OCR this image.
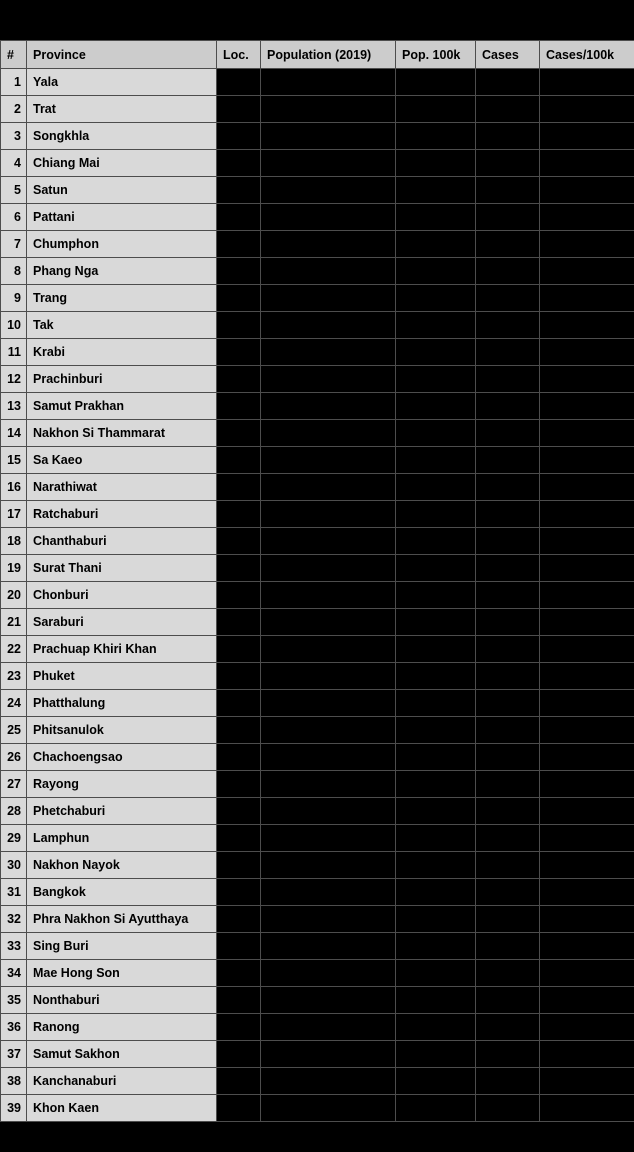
#	Province	Loc.	Population (2019)	Pop. 100k	Cases	Cases/100k
1	Yala					
2	Trat					
3	Songkhla					
4	Chiang Mai					
5	Satun					
6	Pattani					
7	Chumphon					
8	Phang Nga					
9	Trang					
10	Tak					
11	Krabi					
12	Prachinburi					
13	Samut Prakhan					
14	Nakhon Si Thammarat					
15	Sa Kaeo					
16	Narathiwat					
17	Ratchaburi					
18	Chanthaburi					
19	Surat Thani					
20	Chonburi					
21	Saraburi					
22	Prachuap Khiri Khan					
23	Phuket					
24	Phatthalung					
25	Phitsanulok					
26	Chachoengsao					
27	Rayong					
28	Phetchaburi					
29	Lamphun					
30	Nakhon Nayok					
31	Bangkok					
32	Phra Nakhon Si Ayutthaya					
33	Sing Buri					
34	Mae Hong Son					
35	Nonthaburi					
36	Ranong					
37	Samut Sakhon					
38	Kanchanaburi					
39	Khon Kaen					
